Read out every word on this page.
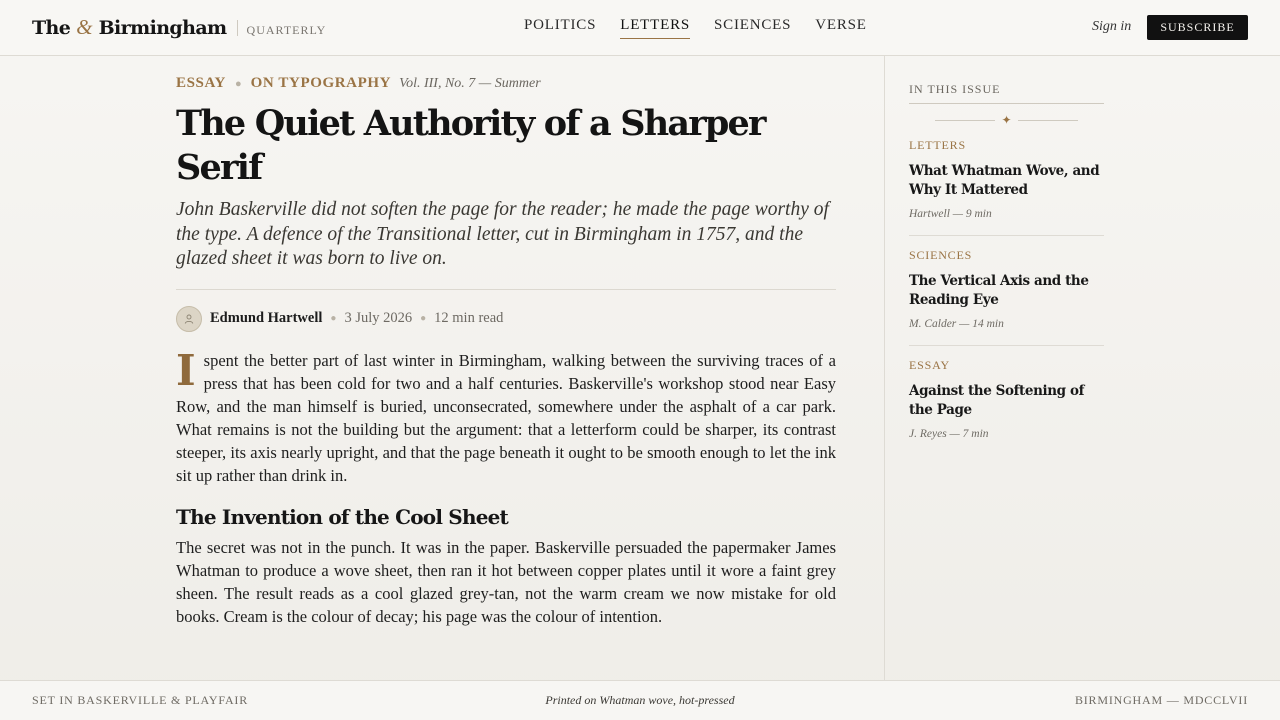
The & Birmingham QUARTERLY	POLITICS LETTERS SCIENCES VERSE	Sign in	SUBSCRIBE
ESSAY ● ON TYPOGRAPHY Vol. III, No. 7 — Summer
The Quiet Authority of a Sharper Serif

John Baskerville did not soften the page for the reader; he made the page worthy of the type. A defence of the Transitional letter, cut in Birmingham in 1757, and the glazed sheet it was born to live on.

Edmund Hartwell ● 3 July 2026 ● 12 min read

I spent the better part of last winter in Birmingham, walking between the surviving traces of a press that has been cold for two and a half centuries. Baskerville's workshop stood near Easy Row, and the man himself is buried, unconsecrated, somewhere under the asphalt of a car park. What remains is not the building but the argument: that a letterform could be sharper, its contrast steeper, its axis nearly upright, and that the page beneath it ought to be smooth enough to let the ink sit up rather than drink in.

The Invention of the Cool Sheet

The secret was not in the punch. It was in the paper. Baskerville persuaded the papermaker James Whatman to produce a wove sheet, then ran it hot between copper plates until it wore a faint grey sheen. The result reads as a cool glazed grey-tan, not the warm cream we now mistake for old books. Cream is the colour of decay; his page was the colour of intention.

IN THIS ISSUE
✦
LETTERS
What Whatman Wove, and Why It Mattered
Hartwell — 9 min
SCIENCES
The Vertical Axis and the Reading Eye
M. Calder — 14 min
ESSAY
Against the Softening of the Page
J. Reyes — 7 min
SET IN BASKERVILLE & PLAYFAIR	Printed on Whatman wove, hot-pressed	BIRMINGHAM — MDCCLVII
